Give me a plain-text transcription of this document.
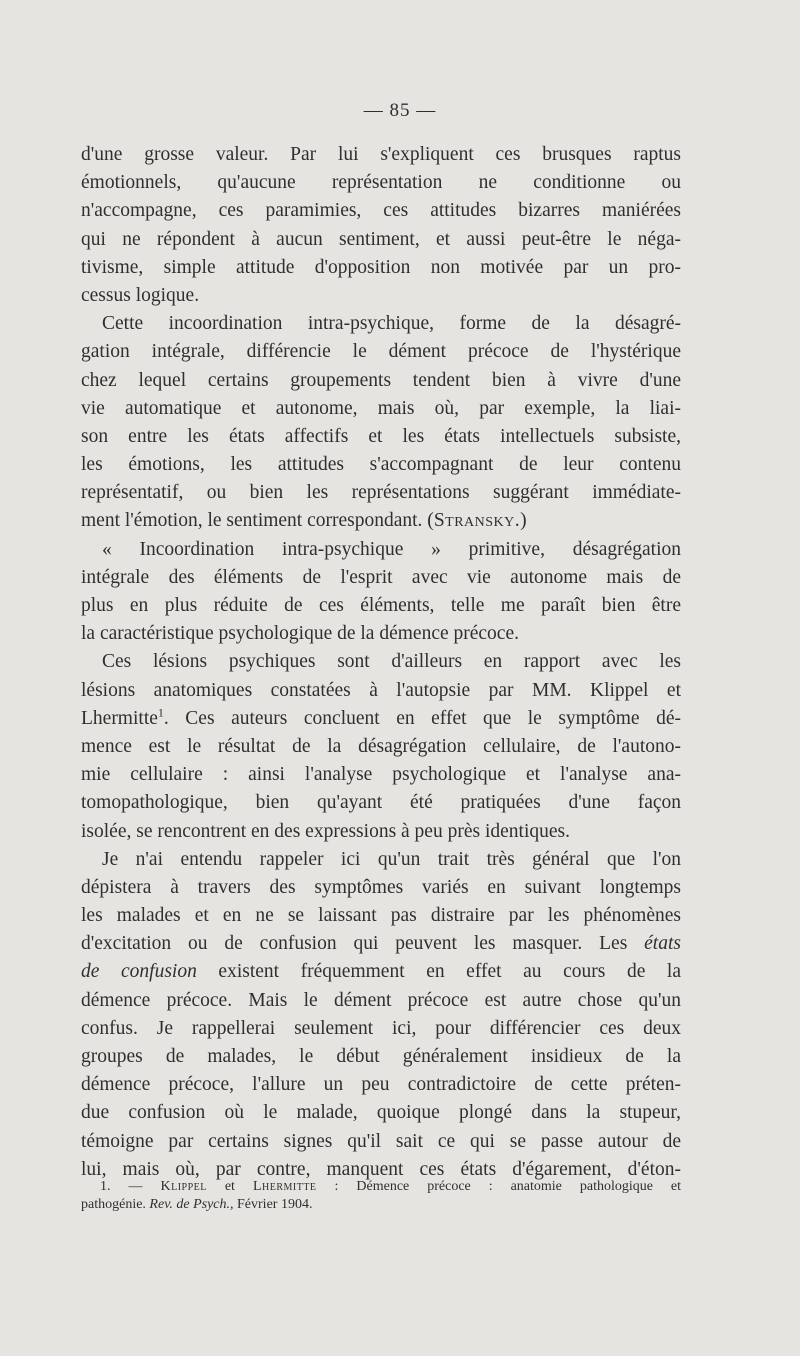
— 85 —
d'une grosse valeur. Par lui s'expliquent ces brusques raptus
émotionnels, qu'aucune représentation ne conditionne ou
n'accompagne, ces paramimies, ces attitudes bizarres maniérées
qui ne répondent à aucun sentiment, et aussi peut-être le néga-
tivisme, simple attitude d'opposition non motivée par un pro-
cessus logique.
Cette incoordination intra-psychique, forme de la désagré-
gation intégrale, différencie le dément précoce de l'hystérique
chez lequel certains groupements tendent bien à vivre d'une
vie automatique et autonome, mais où, par exemple, la liai-
son entre les états affectifs et les états intellectuels subsiste,
les émotions, les attitudes s'accompagnant de leur contenu
représentatif, ou bien les représentations suggérant immédiate-
ment l'émotion, le sentiment correspondant. (Stransky.)
« Incoordination intra-psychique » primitive, désagrégation
intégrale des éléments de l'esprit avec vie autonome mais de
plus en plus réduite de ces éléments, telle me paraît bien être
la caractéristique psychologique de la démence précoce.
Ces lésions psychiques sont d'ailleurs en rapport avec les
lésions anatomiques constatées à l'autopsie par MM. Klippel et
Lhermitte$^1$. Ces auteurs concluent en effet que le symptôme dé-
mence est le résultat de la désagrégation cellulaire, de l'autono-
mie cellulaire : ainsi l'analyse psychologique et l'analyse ana-
tomopathologique, bien qu'ayant été pratiquées d'une façon
isolée, se rencontrent en des expressions à peu près identiques.
Je n'ai entendu rappeler ici qu'un trait très général que l'on
dépistera à travers des symptômes variés en suivant longtemps
les malades et en ne se laissant pas distraire par les phénomènes
d'excitation ou de confusion qui peuvent les masquer. Les états
de confusion existent fréquemment en effet au cours de la
démence précoce. Mais le dément précoce est autre chose qu'un
confus. Je rappellerai seulement ici, pour différencier ces deux
groupes de malades, le début généralement insidieux de la
démence précoce, l'allure un peu contradictoire de cette préten-
due confusion où le malade, quoique plongé dans la stupeur,
témoigne par certains signes qu'il sait ce qui se passe autour de
lui, mais où, par contre, manquent ces états d'égarement, d'éton-
1. — Klippel et Lhermitte : Démence précoce : anatomie pathologique et
pathogénie. Rev. de Psych., Février 1904.
